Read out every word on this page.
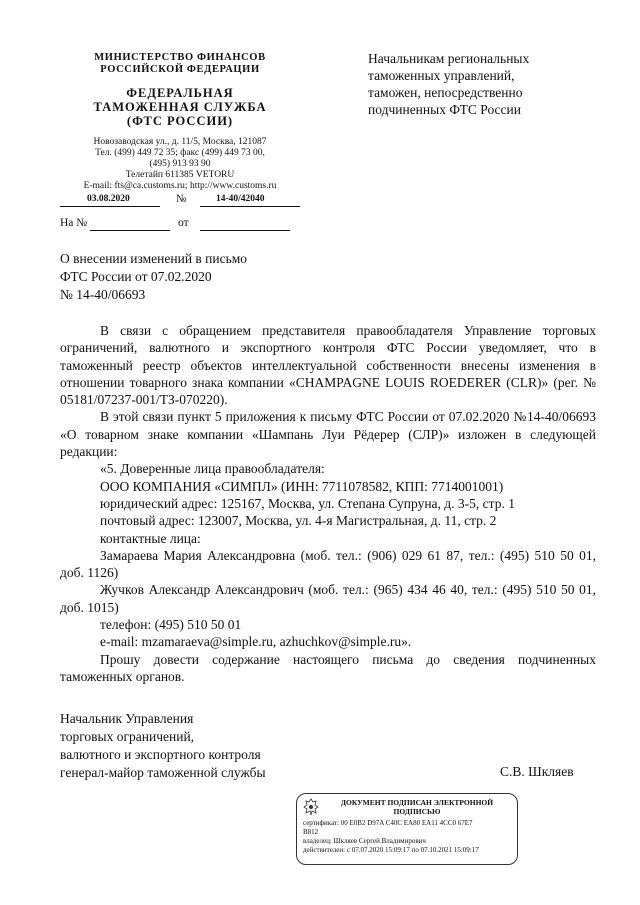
МИНИСТЕРСТВО ФИНАНСОВ
РОССИЙСКОЙ ФЕДЕРАЦИИ
ФЕДЕРАЛЬНАЯ
ТАМОЖЕННАЯ СЛУЖБА
(ФТС РОССИИ)
Новозаводская ул., д. 11/5, Москва, 121087
Тел. (499) 449 72 35; факс (499) 449 73 00,
(495) 913 93 90
Телетайп 611385 VETORU
E-mail: fts@ca.customs.ru; http://www.customs.ru
03.08.2020	№	14-40/42040
На №	от
Начальникам региональных
таможенных управлений,
таможен, непосредственно
подчиненных ФТС России
О внесении изменений в письмо
ФТС России от 07.02.2020
№ 14-40/06693

В связи с обращением представителя правообладателя Управление торговых ограничений, валютного и экспортного контроля ФТС России уведомляет, что в таможенный реестр объектов интеллектуальной собственности внесены изменения в отношении товарного знака компании «CHAMPAGNE LOUIS ROEDERER (CLR)» (рег. № 05181/07237-001/ТЗ-070220).

В этой связи пункт 5 приложения к письму ФТС России от 07.02.2020 №14-40/06693 «О товарном знаке компании «Шампань Луи Рёдерер (СЛР)» изложен в следующей редакции:

«5. Доверенные лица правообладателя:

ООО КОМПАНИЯ «СИМПЛ» (ИНН: 7711078582, КПП: 7714001001)

юридический адрес: 125167, Москва, ул. Степана Супруна, д. 3-5, стр. 1

почтовый адрес: 123007, Москва, ул. 4-я Магистральная, д. 11, стр. 2

контактные лица:

Замараева Мария Александровна (моб. тел.: (906) 029 61 87, тел.: (495) 510 50 01, доб. 1126)

Жучков Александр Александрович (моб. тел.: (965) 434 46 40, тел.: (495) 510 50 01, доб. 1015)

телефон: (495) 510 50 01

e-mail: mzamaraeva@simple.ru, azhuchkov@simple.ru».

Прошу довести содержание настоящего письма до сведения подчиненных таможенных органов.

Начальник Управления
торговых ограничений,
валютного и экспортного контроля
генерал-майор таможенной службы	С.В. Шкляев
ДОКУМЕНТ ПОДПИСАН ЭЛЕКТРОННОЙ
ПОДПИСЬЮ
сертификат: 00 E0B2 D97A C40C EA80 EA11 4CC0 67E7
B812
владелец: Шкляев Сергей Владимирович
действителен: с 07.07.2020 15:09:17 по 07.10.2021 15:09:17
